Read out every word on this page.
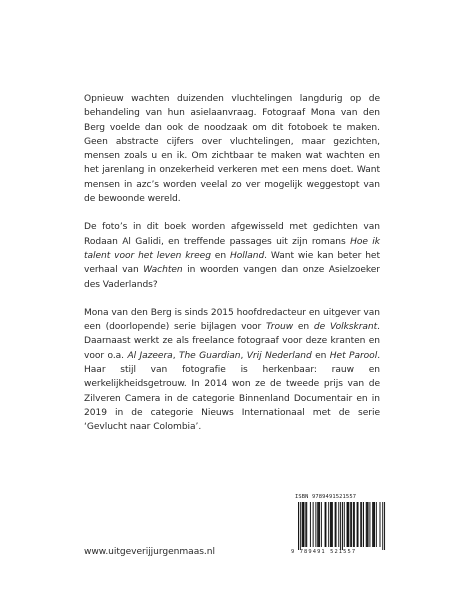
Opnieuw wachten duizenden vluchtelingen langdurig op de behandeling van hun asielaanvraag. Fotograaf Mona van den Berg voelde dan ook de noodzaak om dit fotoboek te maken. Geen abstracte cijfers over vluchtelingen, maar gezichten, mensen zoals u en ik. Om zichtbaar te maken wat wachten en het jarenlang in onzekerheid verkeren met een mens doet. Want mensen in azc’s worden veelal zo ver mogelijk weggestopt van de bewoonde wereld.

De foto’s in dit boek worden afgewisseld met gedichten van Rodaan Al Galidi, en treffende passages uit zijn romans Hoe ik talent voor het leven kreeg en Holland. Want wie kan beter het verhaal van Wachten in woorden vangen dan onze Asielzoeker des Vaderlands?

Mona van den Berg is sinds 2015 hoofdredacteur en uitgever van een (doorlopende) serie bijlagen voor Trouw en de Volkskrant. Daarnaast werkt ze als freelance fotograaf voor deze kranten en voor o.a. Al Jazeera, The Guardian, Vrij Nederland en Het Parool. Haar stijl van fotografie is herkenbaar: rauw en werkelijkheidsgetrouw. In 2014 won ze de tweede prijs van de Zilveren Camera in de categorie Binnenland Documentair en in 2019 in de categorie Nieuws Internationaal met de serie ‘Gevlucht naar Colombia’.

www.uitgeverijjurgenmaas.nl
ISBN 9789491521557
9 789491 521557
